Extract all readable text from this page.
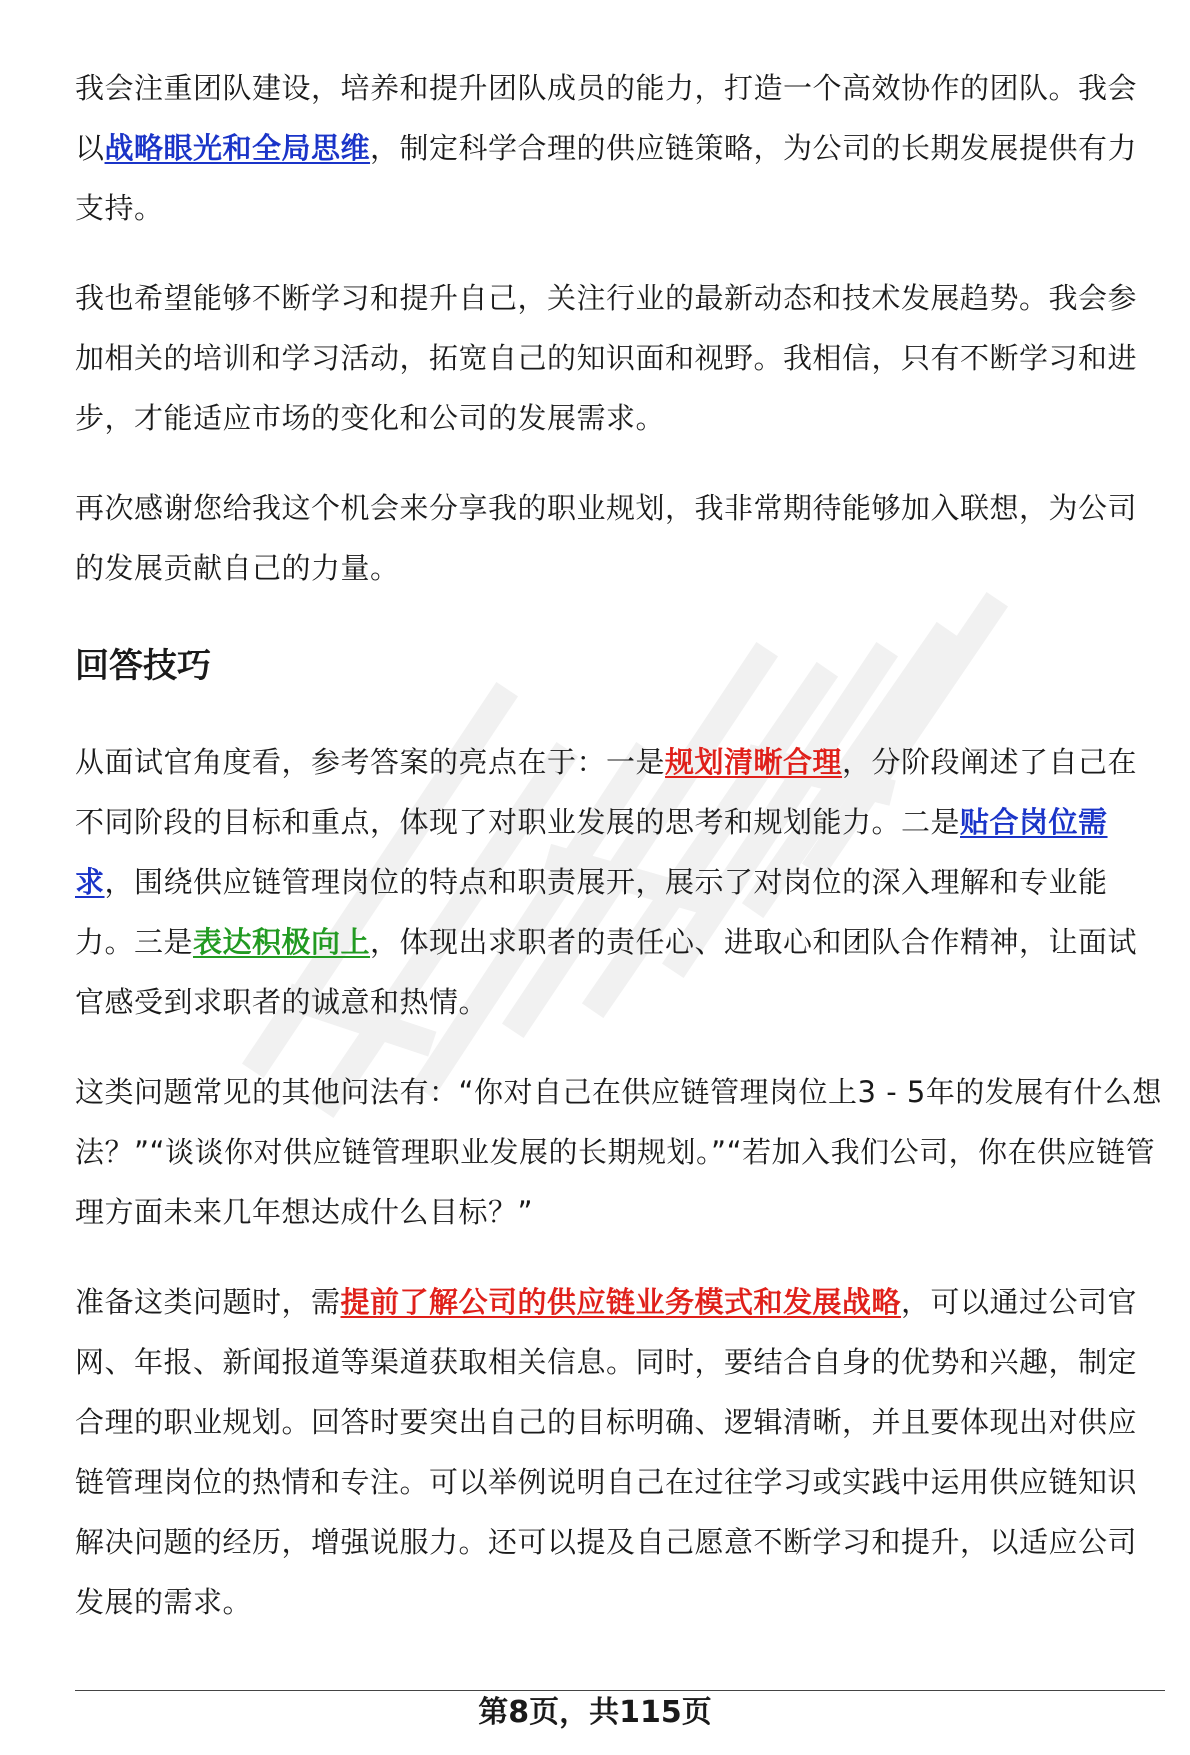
我会注重团队建设，培养和提升团队成员的能力，打造一个高效协作的团队。我会以战略眼光和全局思维，制定科学合理的供应链策略，为公司的长期发展提供有力支持。

我也希望能够不断学习和提升自己，关注行业的最新动态和技术发展趋势。我会参加相关的培训和学习活动，拓宽自己的知识面和视野。我相信，只有不断学习和进步，才能适应市场的变化和公司的发展需求。

再次感谢您给我这个机会来分享我的职业规划，我非常期待能够加入联想，为公司的发展贡献自己的力量。

回答技巧

从面试官角度看，参考答案的亮点在于：一是规划清晰合理，分阶段阐述了自己在不同阶段的目标和重点，体现了对职业发展的思考和规划能力。二是贴合岗位需求，围绕供应链管理岗位的特点和职责展开，展示了对岗位的深入理解和专业能力。三是表达积极向上，体现出求职者的责任心、进取心和团队合作精神，让面试官感受到求职者的诚意和热情。

这类问题常见的其他问法有：“你对自己在供应链管理岗位上3 - 5年的发展有什么想法？”“谈谈你对供应链管理职业发展的长期规划。”“若加入我们公司，你在供应链管理方面未来几年想达成什么目标？”

准备这类问题时，需提前了解公司的供应链业务模式和发展战略，可以通过公司官网、年报、新闻报道等渠道获取相关信息。同时，要结合自身的优势和兴趣，制定合理的职业规划。回答时要突出自己的目标明确、逻辑清晰，并且要体现出对供应链管理岗位的热情和专注。可以举例说明自己在过往学习或实践中运用供应链知识解决问题的经历，增强说服力。还可以提及自己愿意不断学习和提升，以适应公司发展的需求。

第8页，共115页
